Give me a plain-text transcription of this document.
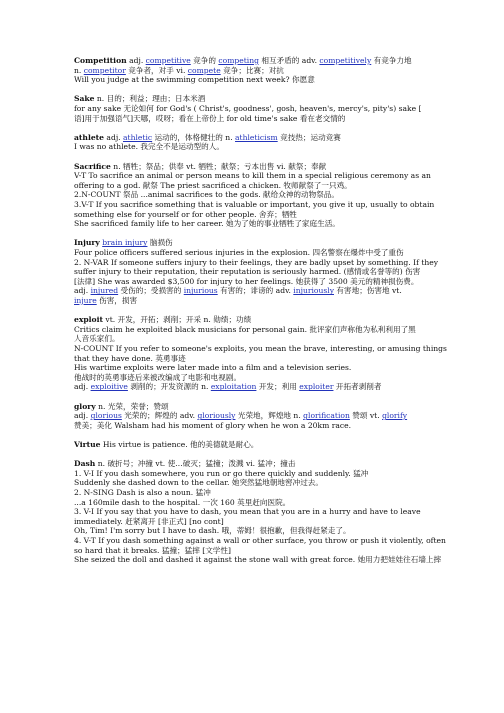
Competition adj. competitive 竞争的 competing 相互矛盾的 adv. competitively 有竞争力地
n. competitor 竞争者，对手 vi. compete 竞争；比赛；对抗
Will you judge at the swimming competition next week? 你愿意
Sake n. 目的；利益；理由；日本米酒
for any sake 无论如何 for God's ( Christ's, goodness', gosh, heaven's, mercy's, pity's) sake [
语]用于加强语气]天哪，哎呀；看在上帝份上 for old time's sake 看在老交情的
athlete adj. athletic 运动的，体格健壮的 n. athleticism 竞技热；运动竞赛
I was no athlete. 我完全不是运动型的人。
Sacrifice n. 牺牲；祭品；供奉 vt. 牺牲；献祭；亏本出售 vi. 献祭；奉献
V-T To sacrifice an animal or person means to kill them in a special religious ceremony as an
offering to a god. 献祭 The priest sacrificed a chicken. 牧师献祭了一只鸡。
2.N-COUNT 祭品 ...animal sacrifices to the gods. 献给众神的动物祭品。
3.V-T If you sacrifice something that is valuable or important, you give it up, usually to obtain
something else for yourself or for other people. 舍弃；牺牲
She sacrificed family life to her career. 她为了她的事业牺牲了家庭生活。
Injury brain injury 脑损伤
Four police officers suffered serious injuries in the explosion. 四名警察在爆炸中受了重伤
2. N-VAR If someone suffers injury to their feelings, they are badly upset by something. If they
suffer injury to their reputation, their reputation is seriously harmed. (感情或名誉等的) 伤害
[法律] She was awarded $3,500 for injury to her feelings. 她获得了 3500 美元的精神损伤费。
adj. injured 受伤的；受损害的 injurious 有害的；诽谤的 adv. injuriously 有害地；伤害地 vt.
injure 伤害，损害
exploit vt. 开发，开拓；剥削；开采 n. 勋绩；功绩
Critics claim he exploited black musicians for personal gain. 批评家们声称他为私利利用了黑
人音乐家们。
N-COUNT If you refer to someone's exploits, you mean the brave, interesting, or amusing things
that they have done. 英勇事迹
His wartime exploits were later made into a film and a television series.
他战时的英勇事迹后来被改编成了电影和电视剧。
adj. exploitive 剥削的；开发资源的 n. exploitation 开发；利用 exploiter 开拓者剥削者
glory n. 光荣，荣誉；赞颂
adj. glorious 光荣的；辉煌的 adv. gloriously 光荣地，辉煌地 n. glorification 赞颂 vt. glorify
赞美；美化 Walsham had his moment of glory when he won a 20km race.
Virtue His virtue is patience. 他的美德就是耐心。
Dash n. 破折号；冲撞 vt. 使…破灭；猛撞；泼溅 vi. 猛冲；撞击
1. V-I If you dash somewhere, you run or go there quickly and suddenly. 猛冲
Suddenly she dashed down to the cellar. 她突然猛地朝地窖冲过去。
2. N-SING Dash is also a noun. 猛冲
...a 160mile dash to the hospital. 一次 160 英里赶向医院。
3. V-I If you say that you have to dash, you mean that you are in a hurry and have to leave
immediately. 赶紧离开 [非正式] [no cont]
Oh, Tim! I'm sorry but I have to dash. 哦，蒂姆！很抱歉，但我得赶紧走了。
4. V-T If you dash something against a wall or other surface, you throw or push it violently, often
so hard that it breaks. 猛撞；猛摔 [文学性]
She seized the doll and dashed it against the stone wall with great force. 她用力把娃娃往石墙上摔
